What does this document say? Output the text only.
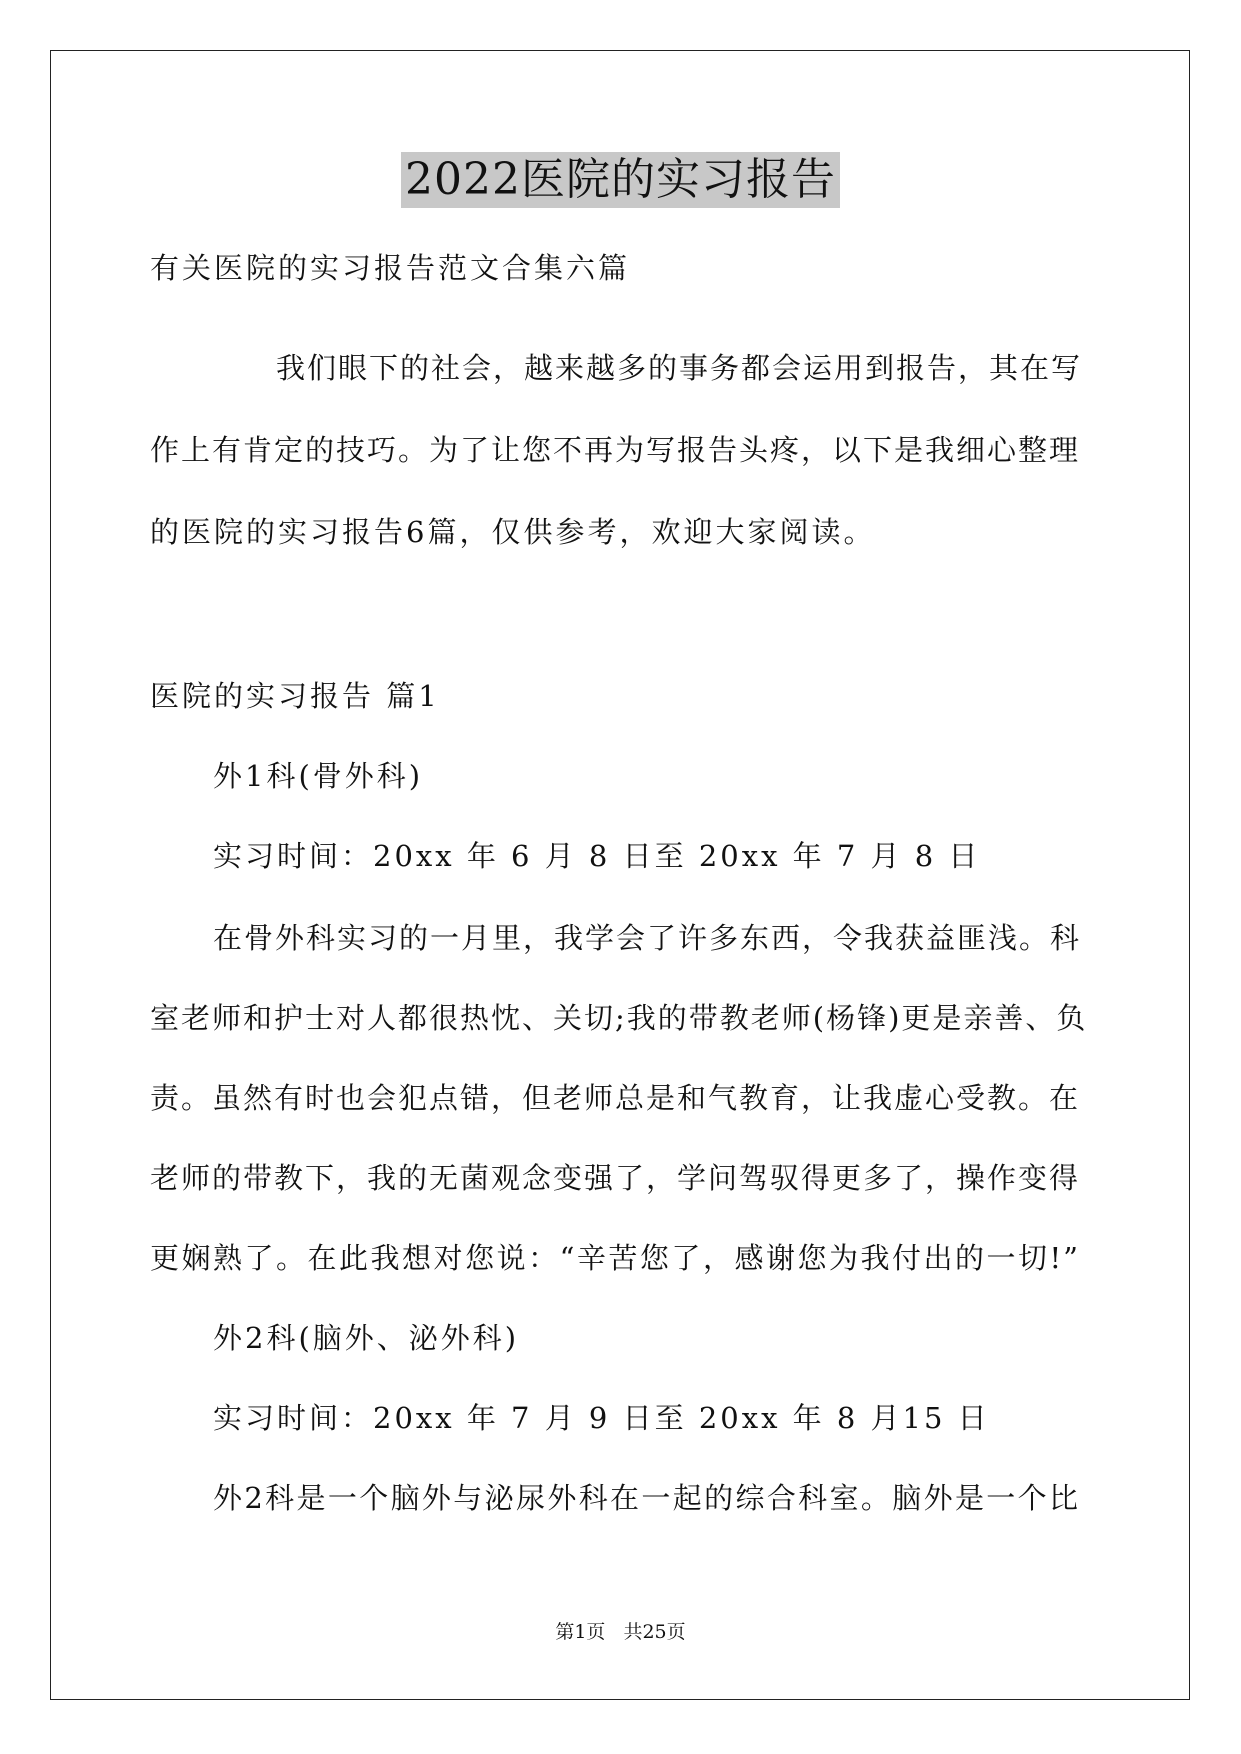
2022医院的实习报告
有关医院的实习报告范文合集六篇
我们眼下的社会，越来越多的事务都会运用到报告，其在写
作上有肯定的技巧。为了让您不再为写报告头疼，以下是我细心整理
的医院的实习报告6篇，仅供参考，欢迎大家阅读。
医院的实习报告 篇1
外1科(骨外科)
实习时间：20xx 年 6 月 8 日至 20xx 年 7 月 8 日
在骨外科实习的一月里，我学会了许多东西，令我获益匪浅。科
室老师和护士对人都很热忱、关切;我的带教老师(杨锋)更是亲善、负
责。虽然有时也会犯点错，但老师总是和气教育，让我虚心受教。在
老师的带教下，我的无菌观念变强了，学问驾驭得更多了，操作变得
更娴熟了。在此我想对您说：“辛苦您了，感谢您为我付出的一切!”
外2科(脑外、泌外科)
实习时间：20xx 年 7 月 9 日至 20xx 年 8 月15 日
外2科是一个脑外与泌尿外科在一起的综合科室。脑外是一个比
第1页 共25页
